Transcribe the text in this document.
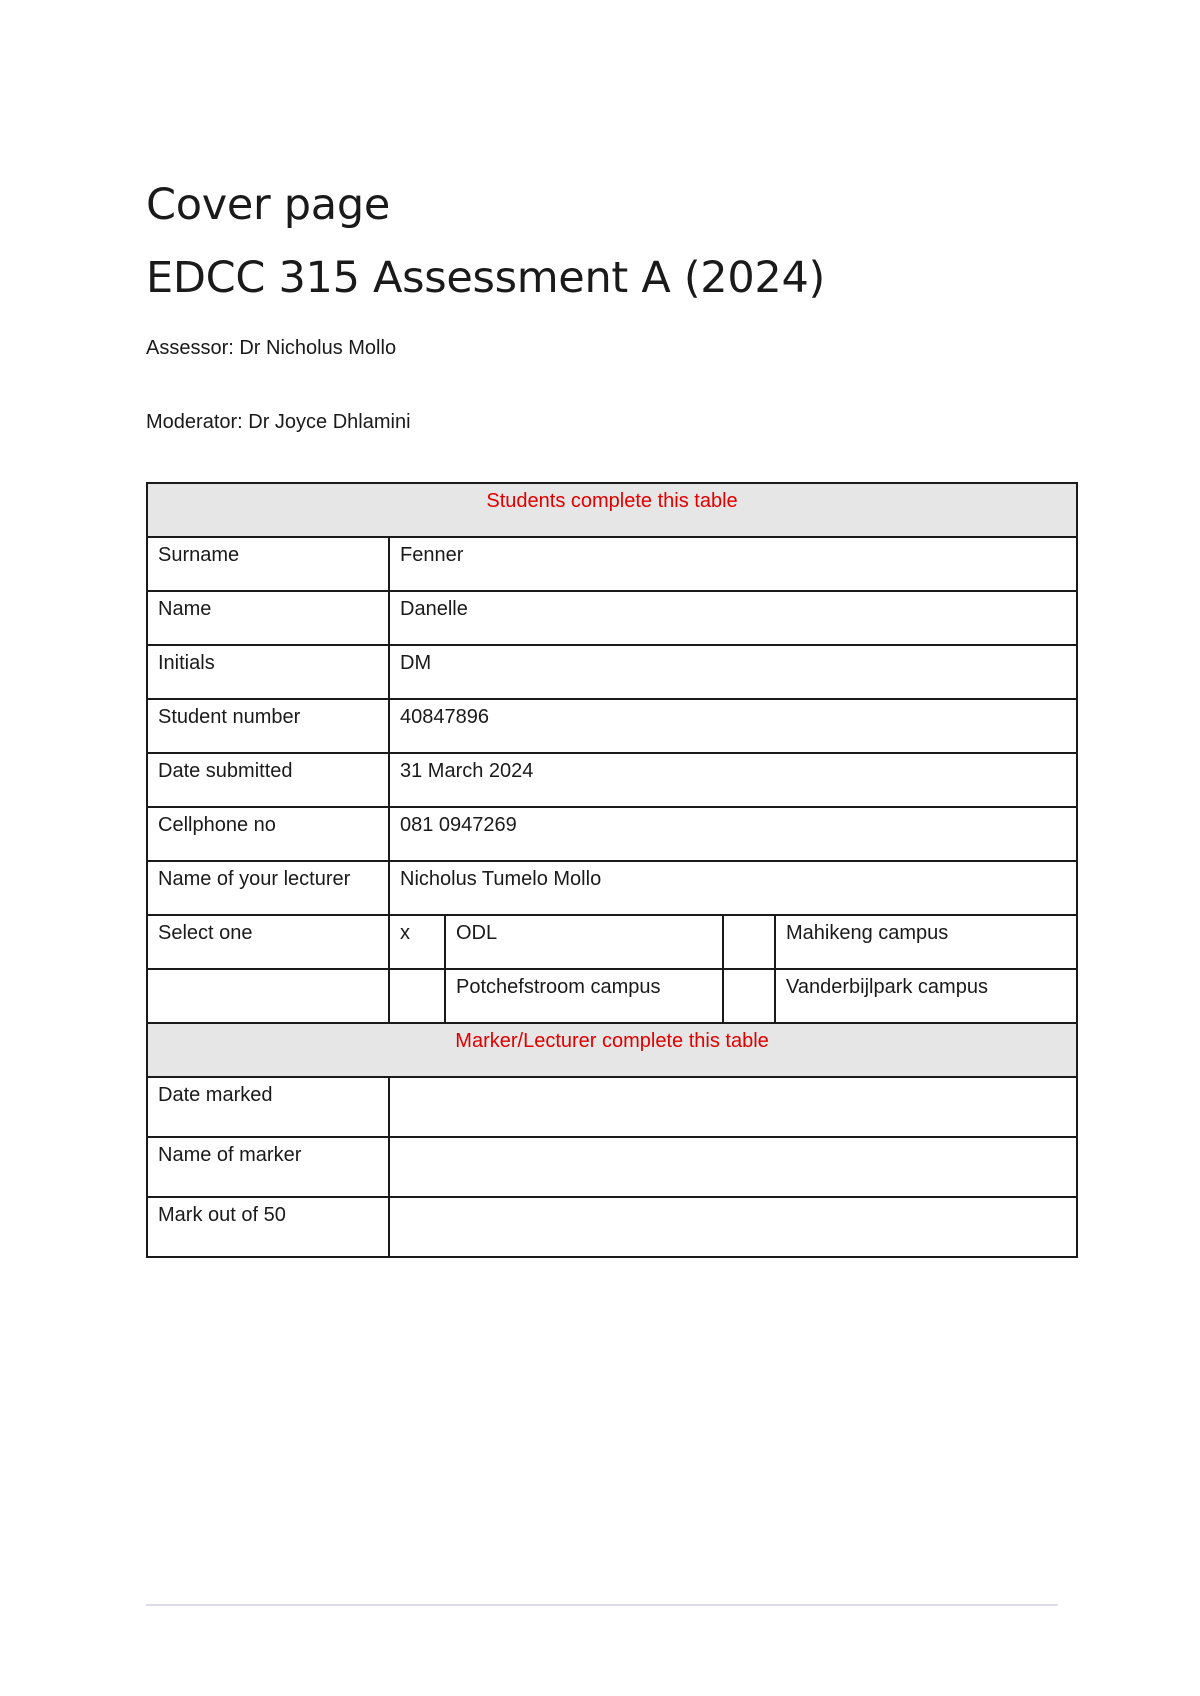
Cover page
EDCC 315 Assessment A (2024)

Assessor: Dr Nicholus Mollo

Moderator: Dr Joyce Dhlamini

Students complete this table				
Surname	Fenner			
Name	Danelle			
Initials	DM			
Student number	40847896			
Date submitted	31 March 2024			
Cellphone no	081 0947269			
Name of your lecturer	Nicholus Tumelo Mollo			
Select one	x	ODL		Mahikeng campus
		Potchefstroom campus		Vanderbijlpark campus
Marker/Lecturer complete this table				
Date marked				
Name of marker				
Mark out of 50				
